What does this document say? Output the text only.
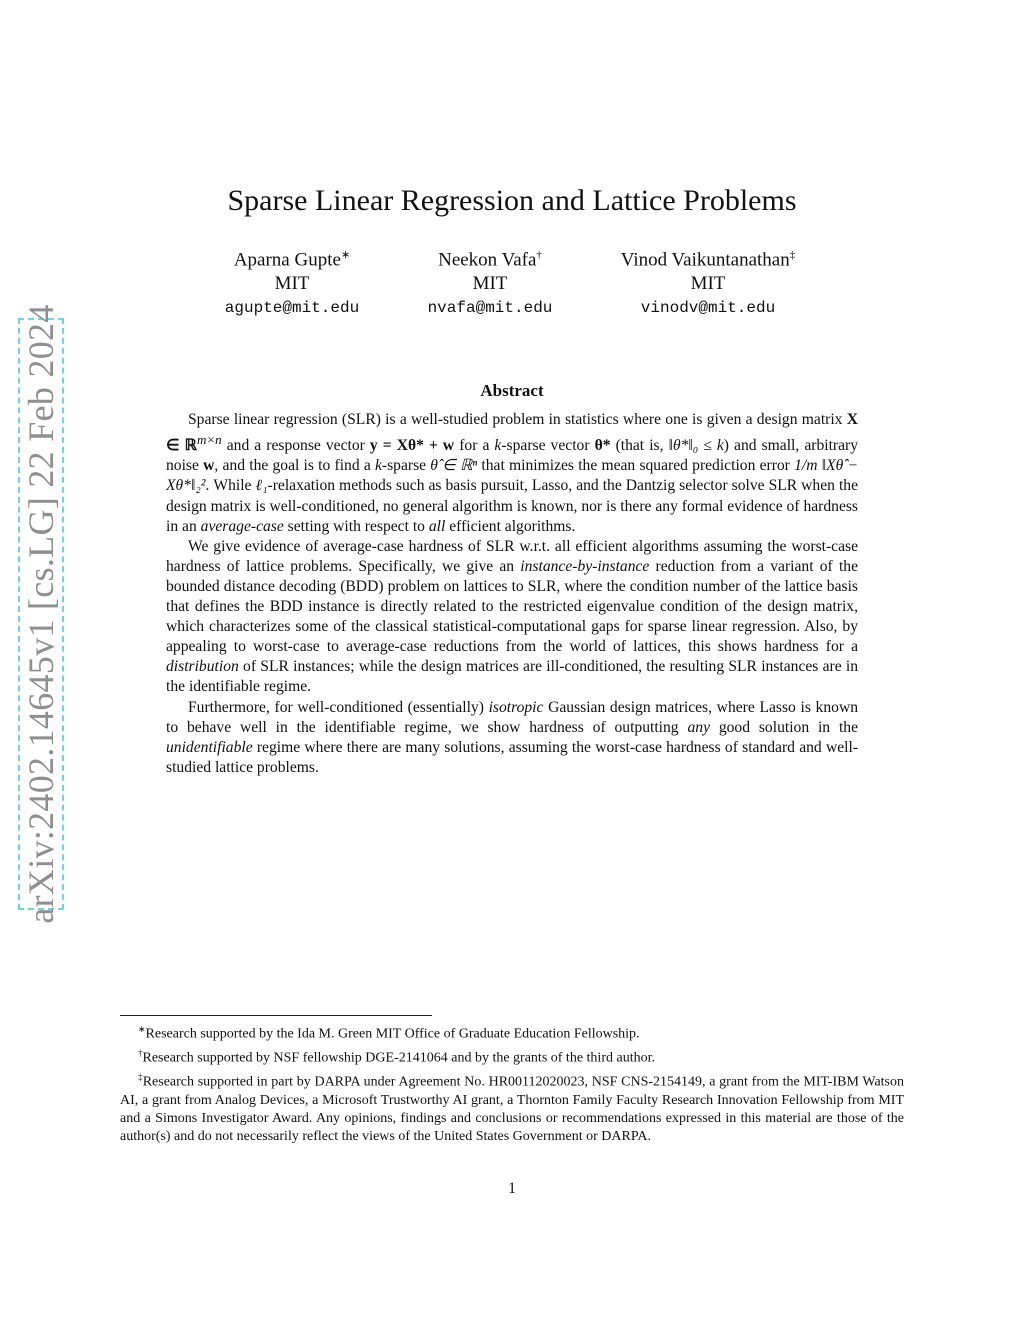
arXiv:2402.14645v1 [cs.LG] 22 Feb 2024
Sparse Linear Regression and Lattice Problems
Aparna Gupte∗
MIT
agupte@mit.edu
Neekon Vafa†
MIT
nvafa@mit.edu
Vinod Vaikuntanathan‡
MIT
vinodv@mit.edu
Abstract

Sparse linear regression (SLR) is a well-studied problem in statistics where one is given a design matrix X ∈ ℝ$^{m\times n}$ and a response vector y = Xθ* + w for a k-sparse vector θ* (that is, ‖θ*‖₀ ≤ k) and small, arbitrary noise w, and the goal is to find a k-sparse θ̂ ∈ ℝⁿ that minimizes the mean squared prediction error 1/m ‖Xθ̂ − Xθ*‖₂². While ℓ₁-relaxation methods such as basis pursuit, Lasso, and the Dantzig selector solve SLR when the design matrix is well-conditioned, no general algorithm is known, nor is there any formal evidence of hardness in an average-case setting with respect to all efficient algorithms.

We give evidence of average-case hardness of SLR w.r.t. all efficient algorithms assuming the worst-case hardness of lattice problems. Specifically, we give an instance-by-instance reduction from a variant of the bounded distance decoding (BDD) problem on lattices to SLR, where the condition number of the lattice basis that defines the BDD instance is directly related to the restricted eigenvalue condition of the design matrix, which characterizes some of the classical statistical-computational gaps for sparse linear regression. Also, by appealing to worst-case to average-case reductions from the world of lattices, this shows hardness for a distribution of SLR instances; while the design matrices are ill-conditioned, the resulting SLR instances are in the identifiable regime.

Furthermore, for well-conditioned (essentially) isotropic Gaussian design matrices, where Lasso is known to behave well in the identifiable regime, we show hardness of outputting any good solution in the unidentifiable regime where there are many solutions, assuming the worst-case hardness of standard and well-studied lattice problems.

∗Research supported by the Ida M. Green MIT Office of Graduate Education Fellowship.

†Research supported by NSF fellowship DGE-2141064 and by the grants of the third author.

‡Research supported in part by DARPA under Agreement No. HR00112020023, NSF CNS-2154149, a grant from the MIT-IBM Watson AI, a grant from Analog Devices, a Microsoft Trustworthy AI grant, a Thornton Family Faculty Research Innovation Fellowship from MIT and a Simons Investigator Award. Any opinions, findings and conclusions or recommendations expressed in this material are those of the author(s) and do not necessarily reflect the views of the United States Government or DARPA.

1
